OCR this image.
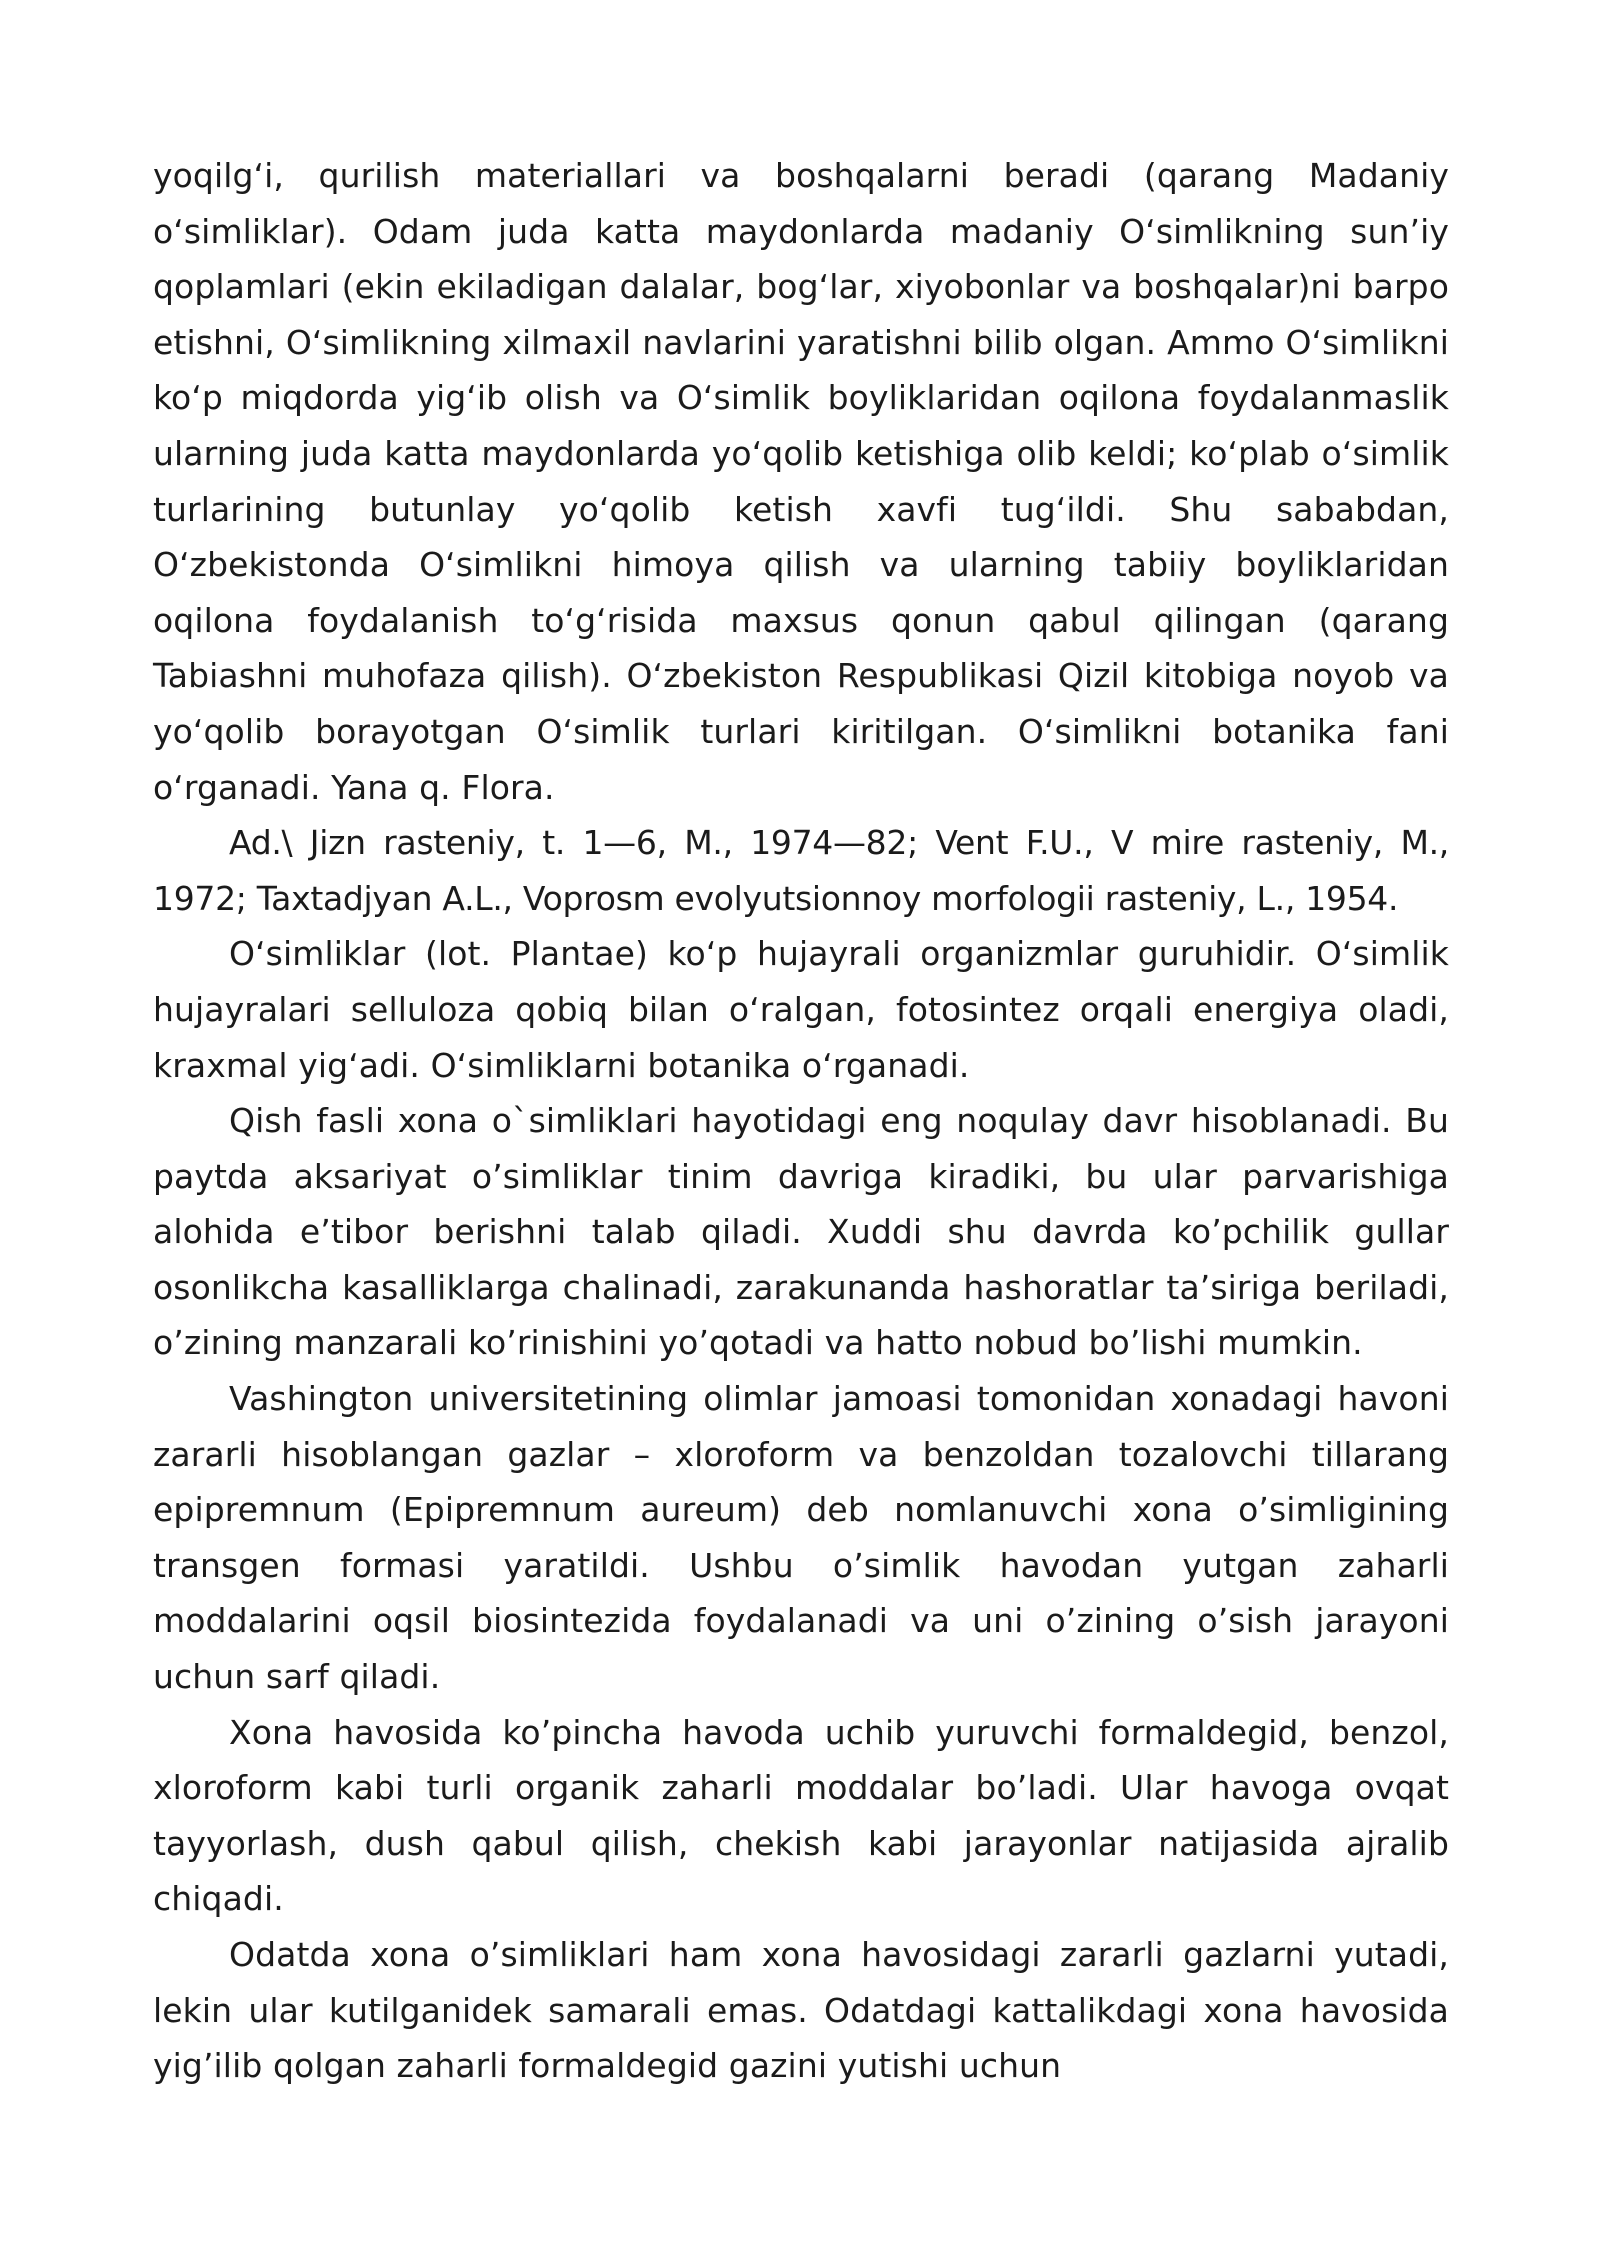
yoqilg‘i, qurilish materiallari va boshqalarni beradi (qarang Madaniy o‘simliklar). Odam juda katta maydonlarda madaniy O‘simlikning sun’iy qoplamlari (ekin ekiladigan dalalar, bog‘lar, xiyobonlar va boshqalar)ni barpo etishni, O‘simlikning xilmaxil navlarini yaratishni bilib olgan. Ammo O‘simlikni ko‘p miqdorda yig‘ib olish va O‘simlik boyliklaridan oqilona foydalanmaslik ularning juda katta maydonlarda yo‘qolib ketishiga olib keldi; ko‘plab o‘simlik turlarining butunlay yo‘qolib ketish xavfi tug‘ildi. Shu sababdan, O‘zbekistonda O‘simlikni himoya qilish va ularning tabiiy boyliklaridan oqilona foydalanish to‘g‘risida maxsus qonun qabul qilingan (qarang Tabiashni muhofaza qilish). O‘zbekiston Respublikasi Qizil kitobiga noyob va yo‘qolib borayotgan O‘simlik turlari kiritilgan. O‘simlikni botanika fani o‘rganadi. Yana q. Flora.

Ad.\ Jizn rasteniy, t. 1—6, M., 1974—82; Vent F.U., V mire rasteniy, M., 1972; Taxtadjyan A.L., Voprosm evolyutsionnoy morfologii rasteniy, L., 1954.

O‘simliklar (lot. Plantae) ko‘p hujayrali organizmlar guruhidir. O‘simlik hujayralari selluloza qobiq bilan o‘ralgan, fotosintez orqali energiya oladi, kraxmal yig‘adi. O‘simliklarni botanika o‘rganadi.

Qish fasli xona o`simliklari hayotidagi eng noqulay davr hisoblanadi. Bu paytda aksariyat o’simliklar tinim davriga kiradiki, bu ular parvarishiga alohida e’tibor berishni talab qiladi. Xuddi shu davrda ko’pchilik gullar osonlikcha kasalliklarga chalinadi, zarakunanda hashoratlar ta’siriga beriladi, o’zining manzarali ko’rinishini yo’qotadi va hatto nobud bo’lishi mumkin.

Vashington universitetining olimlar jamoasi tomonidan xonadagi havoni zararli hisoblangan gazlar – xloroform va benzoldan tozalovchi tillarang epipremnum (Epipremnum aureum) deb nomlanuvchi xona o’simligining transgen formasi yaratildi. Ushbu o’simlik havodan yutgan zaharli moddalarini oqsil biosintezida foydalanadi va uni o’zining o’sish jarayoni uchun sarf qiladi.

Xona havosida ko’pincha havoda uchib yuruvchi formaldegid, benzol, xloroform kabi turli organik zaharli moddalar bo’ladi. Ular havoga ovqat tayyorlash, dush qabul qilish, chekish kabi jarayonlar natijasida ajralib chiqadi.

Odatda xona o’simliklari ham xona havosidagi zararli gazlarni yutadi, lekin ular kutilganidek samarali emas. Odatdagi kattalikdagi xona havosida yig’ilib qolgan zaharli formaldegid gazini yutishi uchun
